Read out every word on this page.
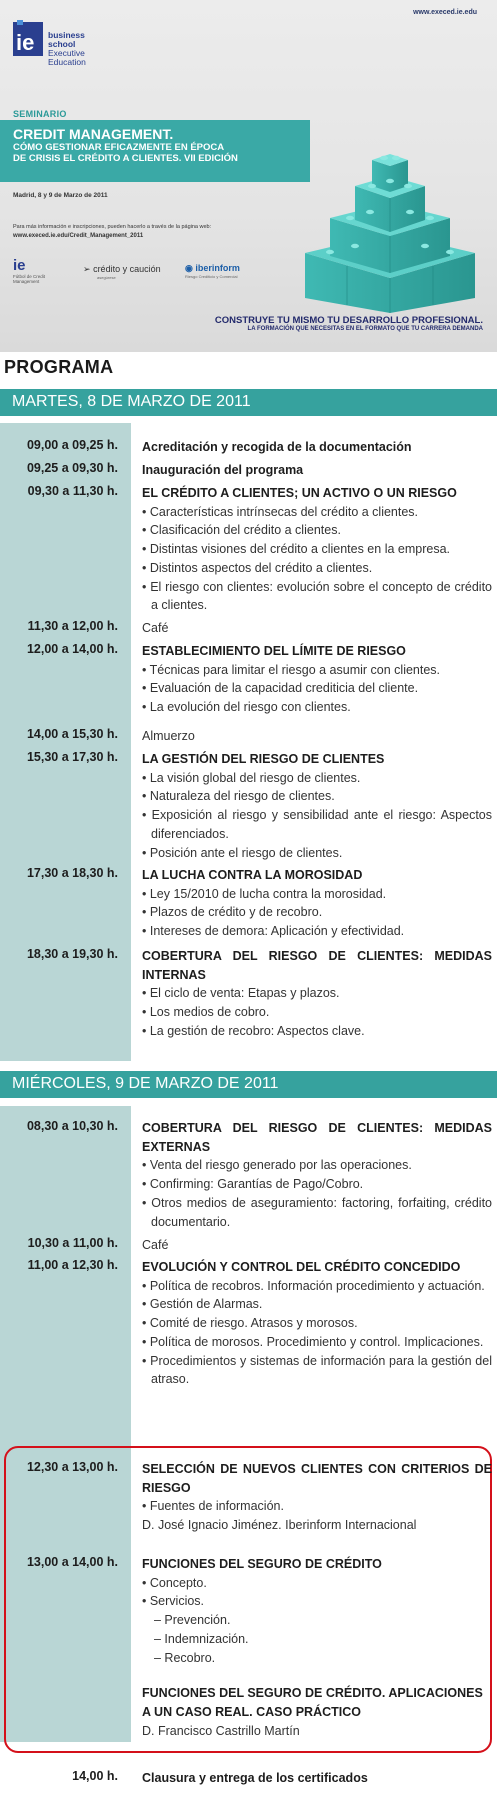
www.execed.ie.edu
ie business
school
Executive Education
SEMINARIO
CREDIT MANAGEMENT.
CÓMO GESTIONAR EFICAZMENTE EN ÉPOCA
DE CRISIS EL CRÉDITO A CLIENTES. VII EDICIÓN
Madrid, 8 y 9 de Marzo de 2011
Para más información e inscripciones, pueden hacerlo a través de la página web:
www.execed.ie.edu/Credit_Management_2011
ie
Fútbol de Credit Management
➢ crédito y caución
asegúrese
◉ iberinform
Riesgo Crediticio y Comercial
CONSTRUYE TU MISMO TU DESARROLLO PROFESIONAL.
LA FORMACIÓN QUE NECESITAS EN EL FORMATO QUE TU CARRERA DEMANDA
PROGRAMA
MARTES, 8 DE MARZO DE 2011
09,00 a 09,25 h. Acreditación y recogida de la documentación
09,25 a 09,30 h. Inauguración del programa
09,30 a 11,30 h. EL CRÉDITO A CLIENTES; UN ACTIVO O UN RIESGO
• Características intrínsecas del crédito a clientes.
• Clasificación del crédito a clientes.
• Distintas visiones del crédito a clientes en la empresa.
• Distintos aspectos del crédito a clientes.
• El riesgo con clientes: evolución sobre el concepto de crédito a clientes.
11,30 a 12,00 h. Café
12,00 a 14,00 h. ESTABLECIMIENTO DEL LÍMITE DE RIESGO
• Técnicas para limitar el riesgo a asumir con clientes.
• Evaluación de la capacidad crediticia del cliente.
• La evolución del riesgo con clientes.
14,00 a 15,30 h. Almuerzo
15,30 a 17,30 h. LA GESTIÓN DEL RIESGO DE CLIENTES
• La visión global del riesgo de clientes.
• Naturaleza del riesgo de clientes.
• Exposición al riesgo y sensibilidad ante el riesgo: Aspectos diferenciados.
• Posición ante el riesgo de clientes.
17,30 a 18,30 h. LA LUCHA CONTRA LA MOROSIDAD
• Ley 15/2010 de lucha contra la morosidad.
• Plazos de crédito y de recobro.
• Intereses de demora: Aplicación y efectividad.
18,30 a 19,30 h. COBERTURA DEL RIESGO DE CLIENTES: MEDIDAS INTERNAS
• El ciclo de venta: Etapas y plazos.
• Los medios de cobro.
• La gestión de recobro: Aspectos clave.
MIÉRCOLES, 9 DE MARZO DE 2011
08,30 a 10,30 h. COBERTURA DEL RIESGO DE CLIENTES: MEDIDAS EXTERNAS
• Venta del riesgo generado por las operaciones.
• Confirming: Garantías de Pago/Cobro.
• Otros medios de aseguramiento: factoring, forfaiting, crédito documentario.
10,30 a 11,00 h. Café
11,00 a 12,30 h. EVOLUCIÓN Y CONTROL DEL CRÉDITO CONCEDIDO
• Política de recobros. Información procedimiento y actuación.
• Gestión de Alarmas.
• Comité de riesgo. Atrasos y morosos.
• Política de morosos. Procedimiento y control. Implicaciones.
• Procedimientos y sistemas de información para la gestión del atraso.
12,30 a 13,00 h. SELECCIÓN DE NUEVOS CLIENTES CON CRITERIOS DE RIESGO
• Fuentes de información.
D. José Ignacio Jiménez. Iberinform Internacional
13,00 a 14,00 h. FUNCIONES DEL SEGURO DE CRÉDITO
• Concepto.
• Servicios.
– Prevención.
– Indemnización.
– Recobro.
FUNCIONES DEL SEGURO DE CRÉDITO. APLICACIONES A UN CASO REAL. CASO PRÁCTICO
D. Francisco Castrillo Martín
14,00 h. Clausura y entrega de los certificados
